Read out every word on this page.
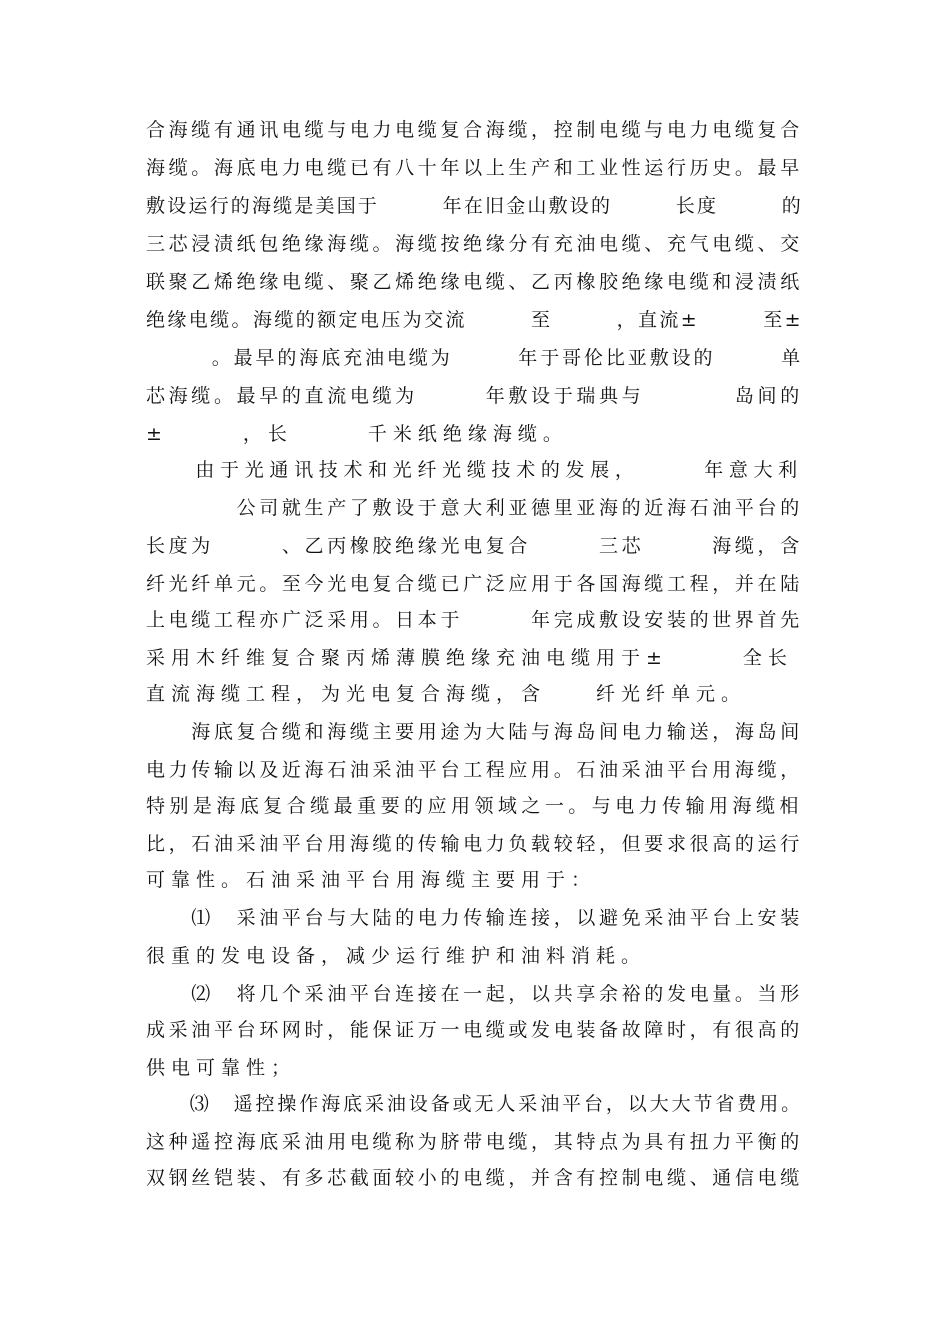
合海缆有通讯电缆与电力电缆复合海缆，控制电缆与电力电缆复合
海缆。海底电力电缆已有八十年以上生产和工业性运行历史。最早
敷设运行的海缆是美国于　　　年在旧金山敷设的　　　长度　　　的
三芯浸渍纸包绝缘海缆。海缆按绝缘分有充油电缆、充气电缆、交
联聚乙烯绝缘电缆、聚乙烯绝缘电缆、乙丙橡胶绝缘电缆和浸渍纸
绝缘电缆。海缆的额定电压为交流　　　至　　　，直流±　　　至±
　　　。最早的海底充油电缆为　　　年于哥伦比亚敷设的　　　单
芯海缆。最早的直流电缆为　　　年敷设于瑞典与　　　　岛间的
±　　　，长　　　千米纸绝缘海缆。
　　由于光通讯技术和光纤光缆技术的发展，　　　年意大利
　　　　公司就生产了敷设于意大利亚德里亚海的近海石油平台的
长度为　　　、乙丙橡胶绝缘光电复合　　　三芯　　　海缆，含
纤光纤单元。至今光电复合缆已广泛应用于各国海缆工程，并在陆
上电缆工程亦广泛采用。日本于　　　年完成敷设安装的世界首先
采用木纤维复合聚丙烯薄膜绝缘充油电缆用于±　　　全长
直流海缆工程，为光电复合海缆，含　　纤光纤单元。
　　海底复合缆和海缆主要用途为大陆与海岛间电力输送，海岛间
电力传输以及近海石油采油平台工程应用。石油采油平台用海缆，
特别是海底复合缆最重要的应用领域之一。与电力传输用海缆相
比，石油采油平台用海缆的传输电力负载较轻，但要求很高的运行
可靠性。石油采油平台用海缆主要用于：
　　⑴　采油平台与大陆的电力传输连接，以避免采油平台上安装
很重的发电设备，减少运行维护和油料消耗。
　　⑵　将几个采油平台连接在一起，以共享余裕的发电量。当形
成采油平台环网时，能保证万一电缆或发电装备故障时，有很高的
供电可靠性；
　　⑶　遥控操作海底采油设备或无人采油平台，以大大节省费用。
这种遥控海底采油用电缆称为脐带电缆，其特点为具有扭力平衡的
双钢丝铠装、有多芯截面较小的电缆，并含有控制电缆、通信电缆
